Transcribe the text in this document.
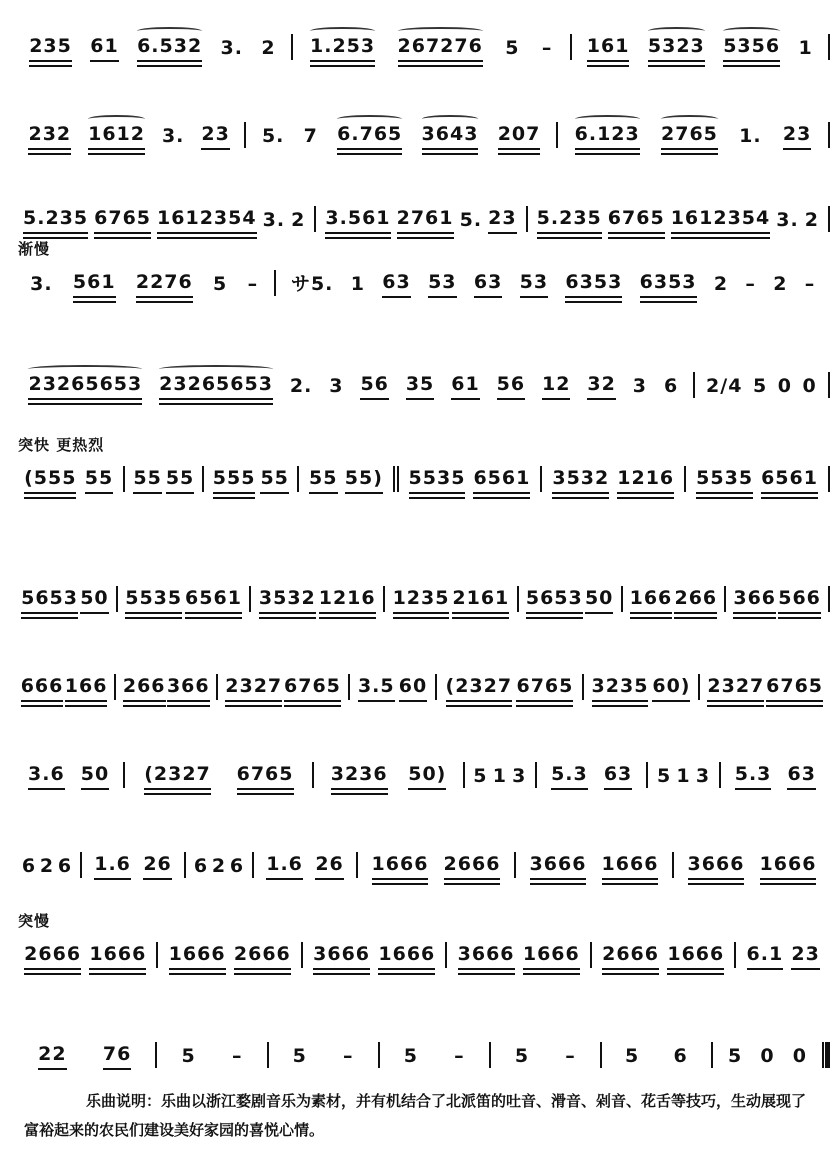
235 61 6.532 3. 2 1.253 267276 5 – 161 5323 5356 1
232 1612 3. 23 5. 7 6.765 3643 207 6.123 2765 1. 23
5.235 6765 1612354 3. 2 3.561 2761 5. 23 5.235 6765 1612354 3. 2
渐慢
3. 561 2276 5 – サ5. 1 63 53 63 53 6353 6353 2 – 2 –
23265653 23265653 2. 3 56 35 61 56 12 32 3 6 2/4 5 0 0
突快 更热烈
(555 55 55 55 555 55 55 55) 5535 6561 3532 1216 5535 6561
5653 50 5535 6561 3532 1216 1235 2161 5653 50 166 266 366 566
666 166 266 366 2327 6765 3.5 60 (2327 6765 3235 60) 2327 6765
3.6 50 (2327 6765 3236 50) 5 1 3 5.3 63 5 1 3 5.3 63
6 2 6 1.6 26 6 2 6 1.6 26 1666 2666 3666 1666 3666 1666
突慢
2666 1666 1666 2666 3666 1666 3666 1666 2666 1666 6.1 23
22 76	5 –	5 –	5 –	5 –	5 6 5 0 0

乐曲说明：乐曲以浙江婺剧音乐为素材，并有机结合了北派笛的吐音、滑音、剁音、花舌等技巧，生动展现了富裕起来的农民们建设美好家园的喜悦心情。
